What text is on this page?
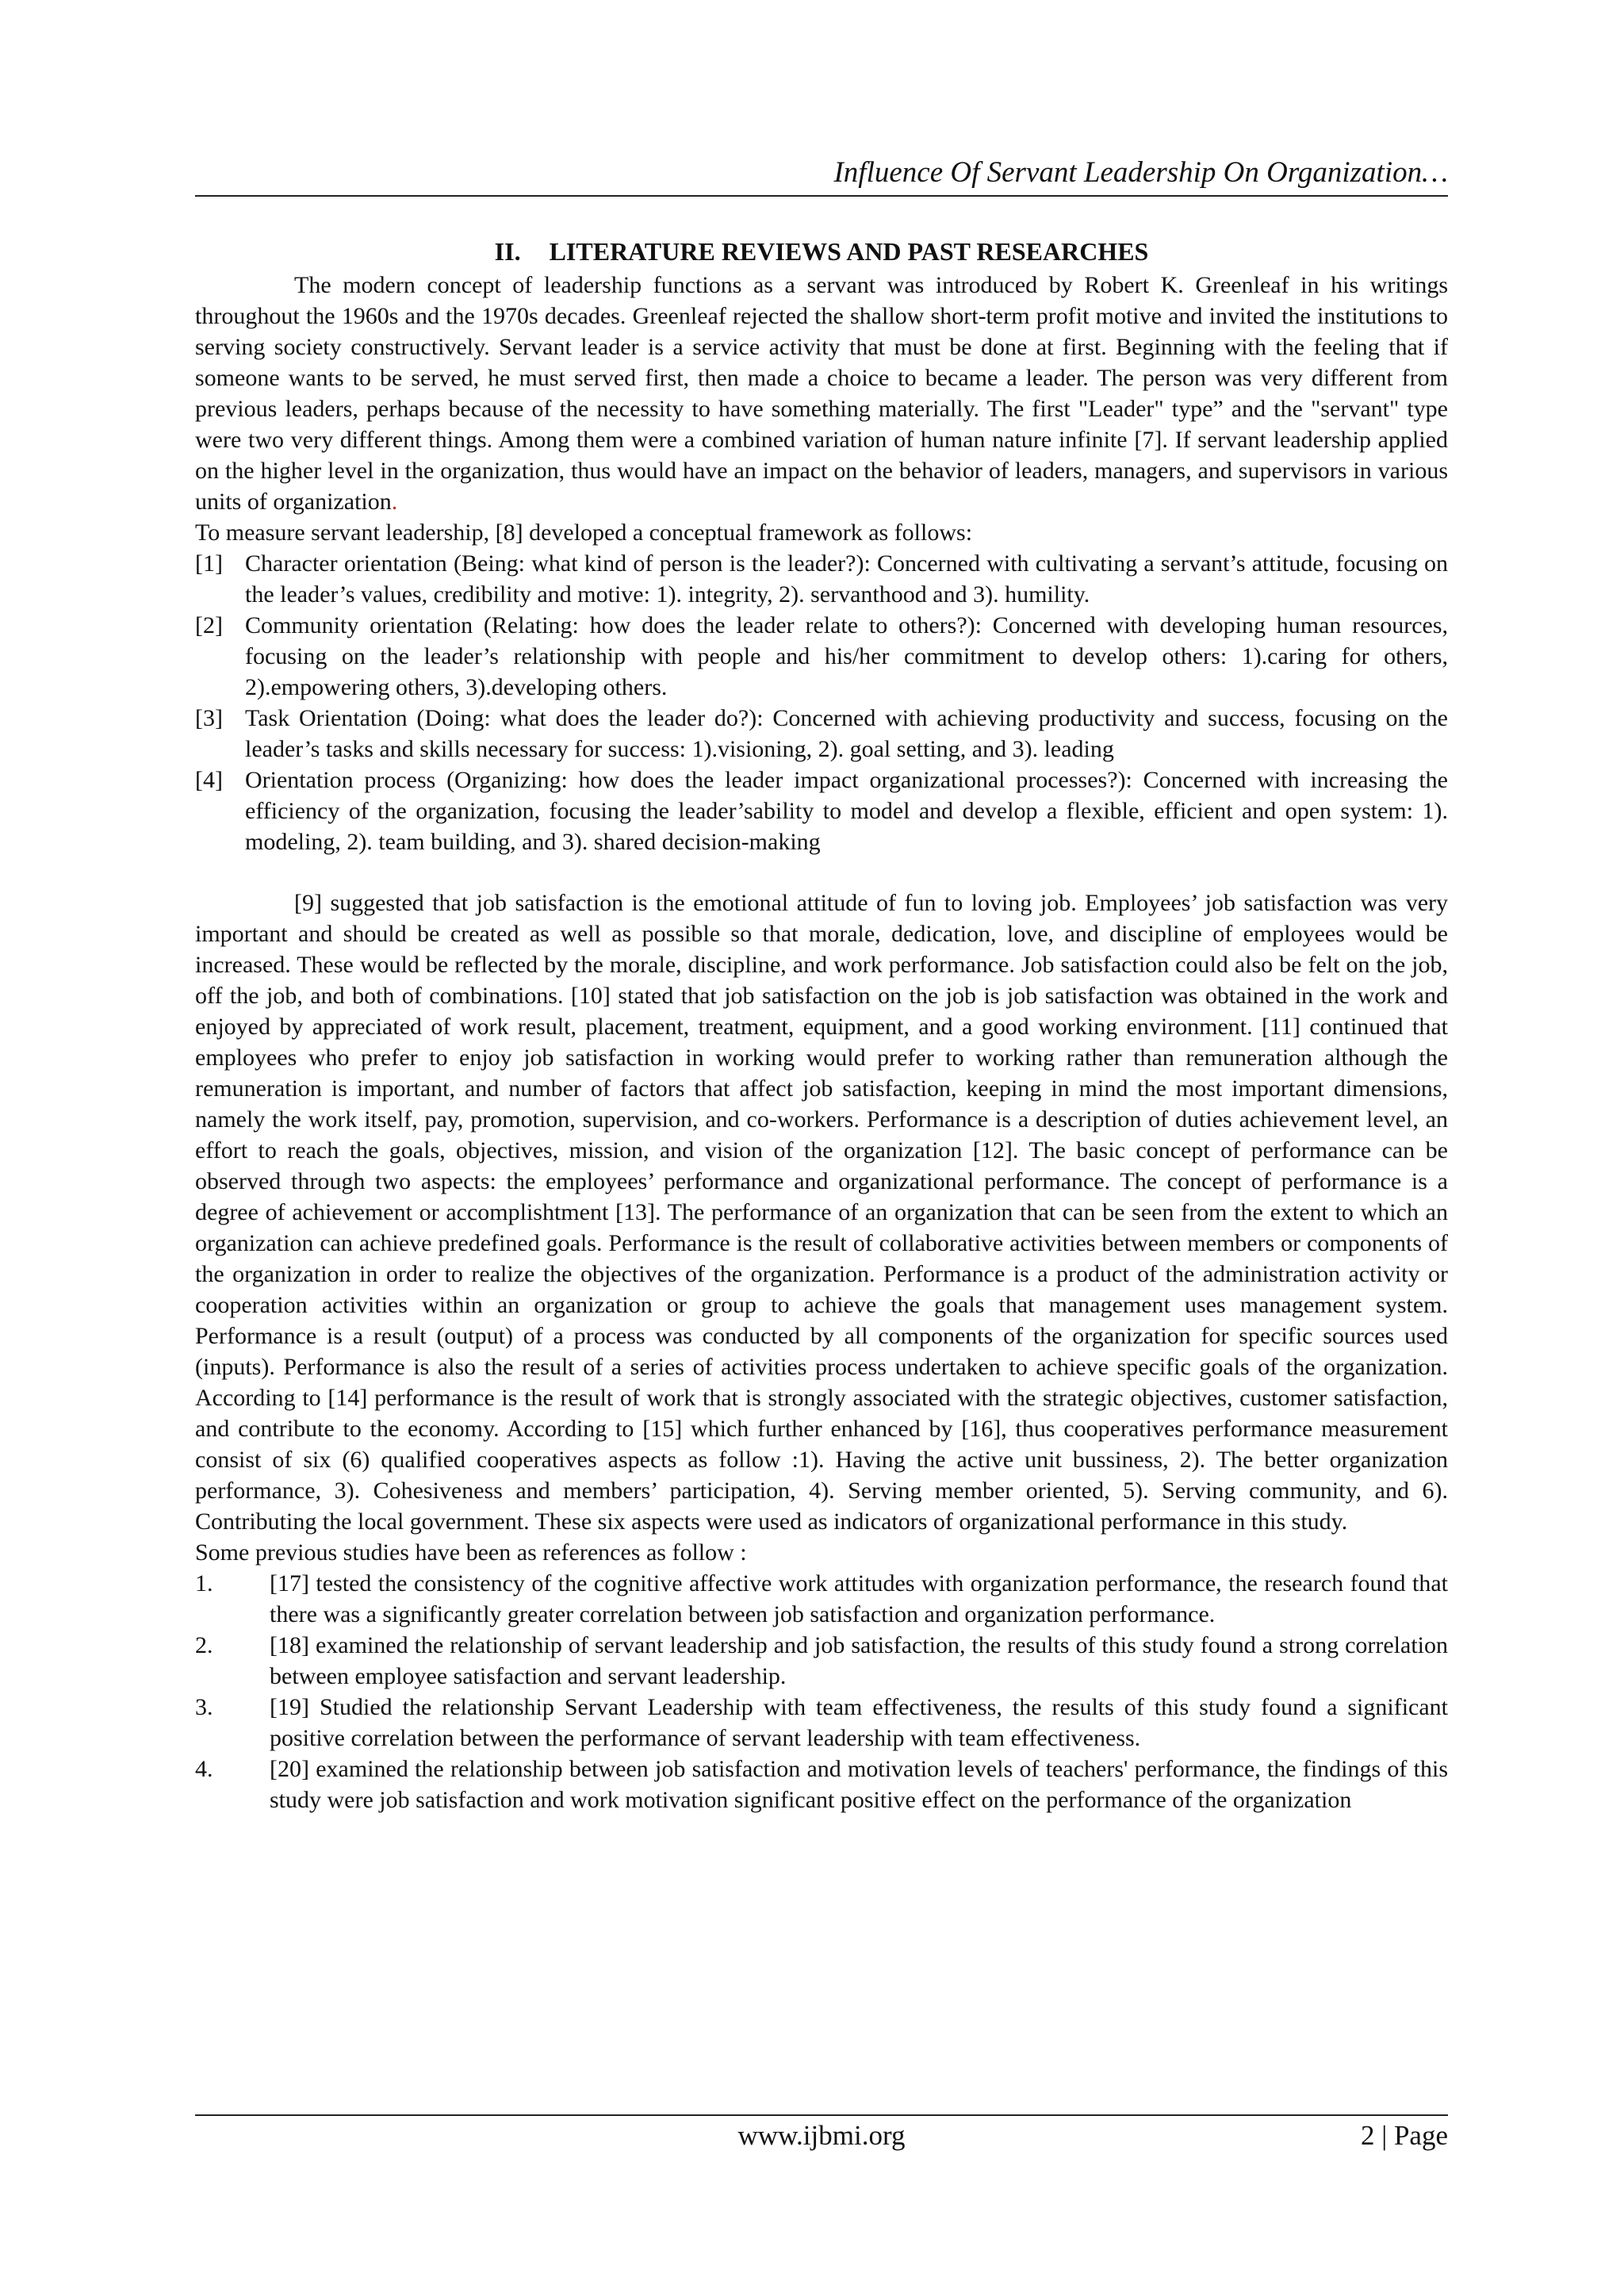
Influence Of Servant Leadership On Organization…
II. LITERATURE REVIEWS AND PAST RESEARCHES

The modern concept of leadership functions as a servant was introduced by Robert K. Greenleaf in his writings throughout the 1960s and the 1970s decades. Greenleaf rejected the shallow short-term profit motive and invited the institutions to serving society constructively. Servant leader is a service activity that must be done at first. Beginning with the feeling that if someone wants to be served, he must served first, then made a choice to became a leader. The person was very different from previous leaders, perhaps because of the necessity to have something materially. The first "Leader" type” and the "servant" type were two very different things. Among them were a combined variation of human nature infinite [7]. If servant leadership applied on the higher level in the organization, thus would have an impact on the behavior of leaders, managers, and supervisors in various units of organization.

To measure servant leadership, [8] developed a conceptual framework as follows:

[1] Character orientation (Being: what kind of person is the leader?): Concerned with cultivating a servant’s attitude, focusing on the leader’s values, credibility and motive: 1). integrity, 2). servanthood and 3). humility.
[2] Community orientation (Relating: how does the leader relate to others?): Concerned with developing human resources, focusing on the leader’s relationship with people and his/her commitment to develop others: 1).caring for others, 2).empowering others, 3).developing others.
[3] Task Orientation (Doing: what does the leader do?): Concerned with achieving productivity and success, focusing on the leader’s tasks and skills necessary for success: 1).visioning, 2). goal setting, and 3). leading
[4] Orientation process (Organizing: how does the leader impact organizational processes?): Concerned with increasing the efficiency of the organization, focusing the leader’sability to model and develop a flexible, efficient and open system: 1). modeling, 2). team building, and 3). shared decision-making

[9] suggested that job satisfaction is the emotional attitude of fun to loving job. Employees’ job satisfaction was very important and should be created as well as possible so that morale, dedication, love, and discipline of employees would be increased. These would be reflected by the morale, discipline, and work performance. Job satisfaction could also be felt on the job, off the job, and both of combinations. [10] stated that job satisfaction on the job is job satisfaction was obtained in the work and enjoyed by appreciated of work result, placement, treatment, equipment, and a good working environment. [11] continued that employees who prefer to enjoy job satisfaction in working would prefer to working rather than remuneration although the remuneration is important, and number of factors that affect job satisfaction, keeping in mind the most important dimensions, namely the work itself, pay, promotion, supervision, and co-workers. Performance is a description of duties achievement level, an effort to reach the goals, objectives, mission, and vision of the organization [12]. The basic concept of performance can be observed through two aspects: the employees’ performance and organizational performance. The concept of performance is a degree of achievement or accomplishtment [13]. The performance of an organization that can be seen from the extent to which an organization can achieve predefined goals. Performance is the result of collaborative activities between members or components of the organization in order to realize the objectives of the organization. Performance is a product of the administration activity or cooperation activities within an organization or group to achieve the goals that management uses management system. Performance is a result (output) of a process was conducted by all components of the organization for specific sources used (inputs). Performance is also the result of a series of activities process undertaken to achieve specific goals of the organization. According to [14] performance is the result of work that is strongly associated with the strategic objectives, customer satisfaction, and contribute to the economy. According to [15] which further enhanced by [16], thus cooperatives performance measurement consist of six (6) qualified cooperatives aspects as follow :1). Having the active unit bussiness, 2). The better organization performance, 3). Cohesiveness and members’ participation, 4). Serving member oriented, 5). Serving community, and 6). Contributing the local government. These six aspects were used as indicators of organizational performance in this study.

Some previous studies have been as references as follow :

1. [17] tested the consistency of the cognitive affective work attitudes with organization performance, the research found that there was a significantly greater correlation between job satisfaction and organization performance.
2. [18] examined the relationship of servant leadership and job satisfaction, the results of this study found a strong correlation between employee satisfaction and servant leadership.
3. [19] Studied the relationship Servant Leadership with team effectiveness, the results of this study found a significant positive correlation between the performance of servant leadership with team effectiveness.
4. [20] examined the relationship between job satisfaction and motivation levels of teachers' performance, the findings of this study were job satisfaction and work motivation significant positive effect on the performance of the organization
www.ijbmi.org	2 | Page
